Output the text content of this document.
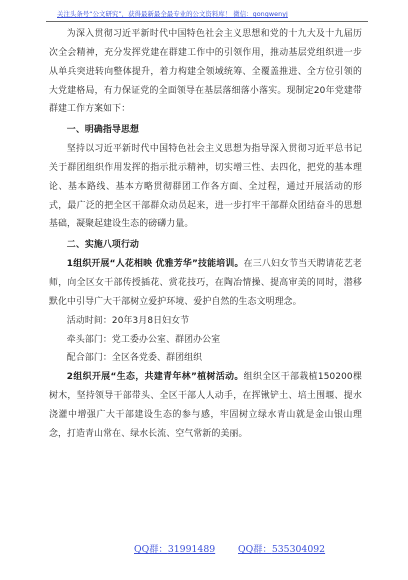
关注头条号“公文研究”，获得最新最全最专业的公文资料库！ 微信：gongwenyj

为深入贯彻习近平新时代中国特色社会主义思想和党的十九大及十九届历次全会精神，充分发挥党建在群建工作中的引领作用，推动基层党组织进一步从单兵突进转向整体提升，着力构建全领域统筹、全覆盖推进、全方位引领的大党建格局，有力保证党的全面领导在基层落细落小落实。现制定20年党建带群建工作方案如下：

一、明确指导思想

坚持以习近平新时代中国特色社会主义思想为指导深入贯彻习近平总书记关于群团组织作用发挥的指示批示精神，切实增三性、去四化，把党的基本理论、基本路线、基本方略贯彻群团工作各方面、全过程，通过开展活动的形式，最广泛的把全区干部群众动员起来，进一步打牢干部群众团结奋斗的思想基础，凝聚起建设生态的磅礴力量。

二、实施八项行动

1组织开展“人花相映 优雅芳华”技能培训。在三八妇女节当天聘请花艺老师，向全区女干部传授插花、赏花技巧，在陶冶情操、提高审美的同时，潜移默化中引导广大干部树立爱护环境、爱护自然的生态文明理念。

活动时间：20年3月8日妇女节

牵头部门：党工委办公室、群团办公室

配合部门：全区各党委、群团组织

2组织开展“生态，共建青年林”植树活动。组织全区干部栽植150200棵树木，坚持领导干部带头、全区干部人人动手，在挥锹铲土、培土围堰、提水浇灌中增强广大干部建设生态的参与感，牢固树立绿水青山就是金山银山理念，打造青山常在、绿水长流、空气常新的美丽。

QQ群：31991489 QQ群：535304092
